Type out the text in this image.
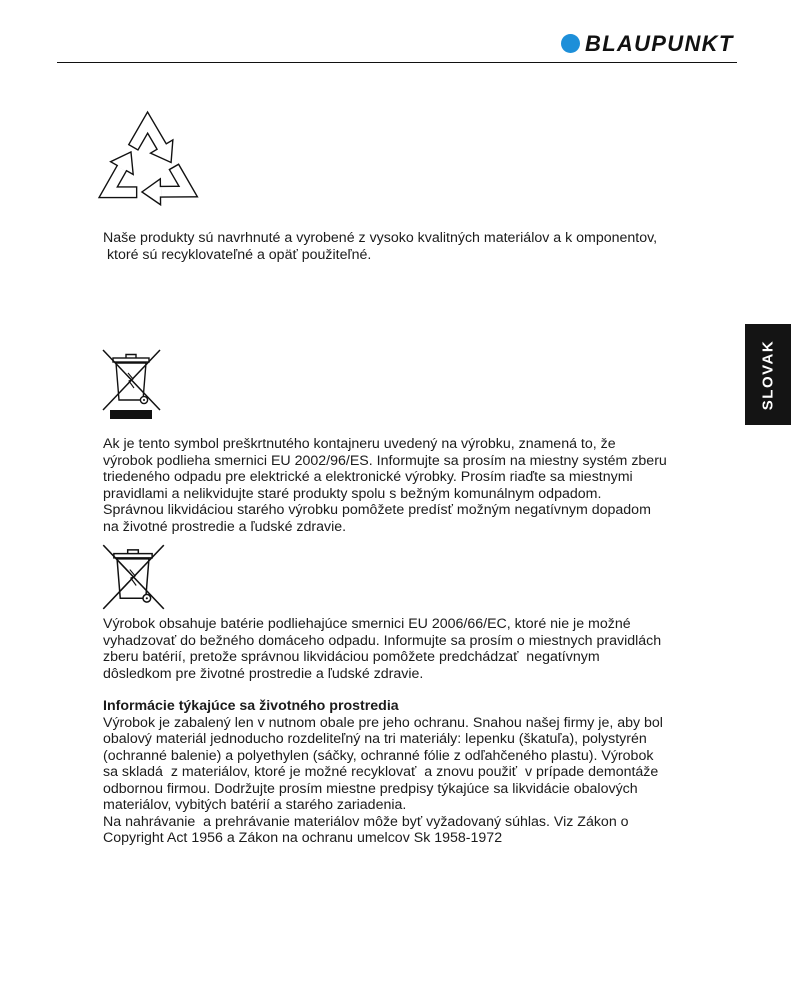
BLAUPUNKT
Naše produkty sú navrhnuté a vyrobené z vysoko kvalitných materiálov a k omponentov,
ktoré sú recyklovateľné a opäť použiteľné.
Ak je tento symbol preškrtnutého kontajneru uvedený na výrobku, znamená to, že
výrobok podlieha smernici EU 2002/96/ES. Informujte sa prosím na miestny systém zberu
triedeného odpadu pre elektrické a elektronické výrobky. Prosím riaďte sa miestnymi
pravidlami a nelikvidujte staré produkty spolu s bežným komunálnym odpadom.
Správnou likvidáciou starého výrobku pomôžete predísť možným negatívnym dopadom
na životné prostredie a ľudské zdravie.
Výrobok obsahuje batérie podliehajúce smernici EU 2006/66/EC, ktoré nie je možné
vyhadzovať do bežného domáceho odpadu. Informujte sa prosím o miestnych pravidlách
zberu batérií, pretože správnou likvidáciou pomôžete predchádzať  negatívnym
dôsledkom pre životné prostredie a ľudské zdravie.
Informácie týkajúce sa životného prostredia
Výrobok je zabalený len v nutnom obale pre jeho ochranu. Snahou našej firmy je, aby bol
obalový materiál jednoducho rozdeliteľný na tri materiály: lepenku (škatuľa), polystyrén
(ochranné balenie) a polyethylen (sáčky, ochranné fólie z odľahčeného plastu). Výrobok
sa skladá  z materiálov, ktoré je možné recyklovať  a znovu použiť  v prípade demontáže
odbornou firmou. Dodržujte prosím miestne predpisy týkajúce sa likvidácie obalových
materiálov, vybitých batérií a starého zariadenia.
Na nahrávanie  a prehrávanie materiálov môže byť vyžadovaný súhlas. Viz Zákon o
Copyright Act 1956 a Zákon na ochranu umelcov Sk 1958-1972
SLOVAK
